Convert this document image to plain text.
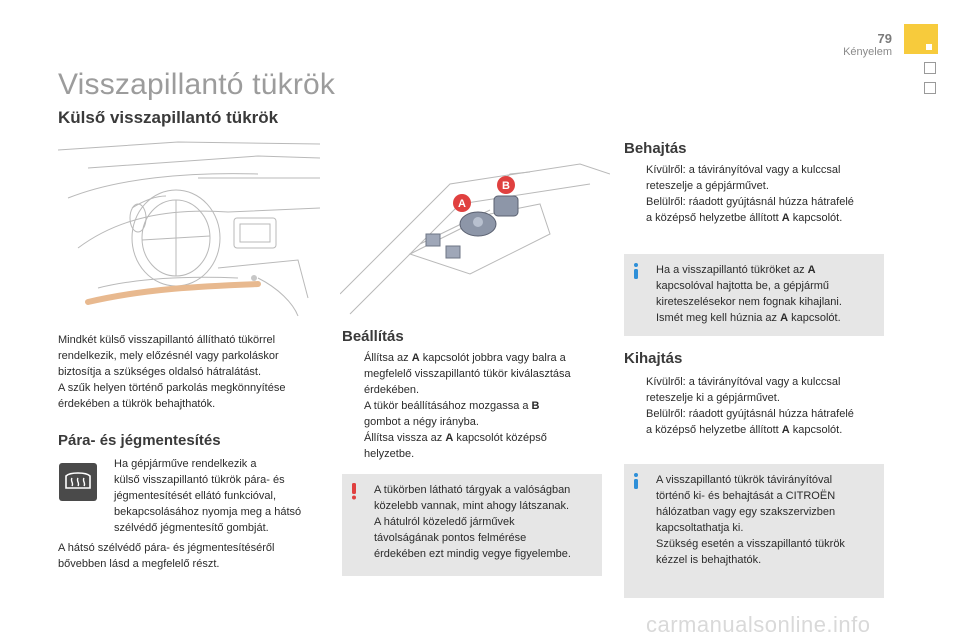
79
Kényelem
Visszapillantó tükrök
Külső visszapillantó tükrök
A
B
Mindkét külső visszapillantó állítható tükörrel
rendelkezik, mely előzésnél vagy parkoláskor
biztosítja a szükséges oldalsó hátralátást.
A szűk helyen történő parkolás megkönnyítése
érdekében a tükrök behajthatók.
Pára- és jégmentesítés
Ha gépjárműve rendelkezik a
külső visszapillantó tükrök pára- és
jégmentesítését ellátó funkcióval,
bekapcsolásához nyomja meg a hátsó
szélvédő jégmentesítő gombját.
A hátsó szélvédő pára- és jégmentesítéséről
bővebben lásd a megfelelő részt.
Beállítás
Állítsa az A kapcsolót jobbra vagy balra a
megfelelő visszapillantó tükör kiválasztása
érdekében.
A tükör beállításához mozgassa a B
gombot a négy irányba.
Állítsa vissza az A kapcsolót középső
helyzetbe.
A tükörben látható tárgyak a valóságban
közelebb vannak, mint ahogy látszanak.
A hátulról közeledő járművek
távolságának pontos felmérése
érdekében ezt mindig vegye figyelembe.
Behajtás
Kívülről: a távirányítóval vagy a kulccsal
reteszelje a gépjárművet.
Belülről: ráadott gyújtásnál húzza hátrafelé
a középső helyzetbe állított A kapcsolót.
Ha a visszapillantó tükröket az A
kapcsolóval hajtotta be, a gépjármű
kireteszelésekor nem fognak kihajlani.
Ismét meg kell húznia az A kapcsolót.
Kihajtás
Kívülről: a távirányítóval vagy a kulccsal
reteszelje ki a gépjárművet.
Belülről: ráadott gyújtásnál húzza hátrafelé
a középső helyzetbe állított A kapcsolót.
A visszapillantó tükrök távirányítóval
történő ki- és behajtását a CITROËN
hálózatban vagy egy szakszervizben
kapcsoltathatja ki.
Szükség esetén a visszapillantó tükrök
kézzel is behajthatók.
carmanualsonline.info
